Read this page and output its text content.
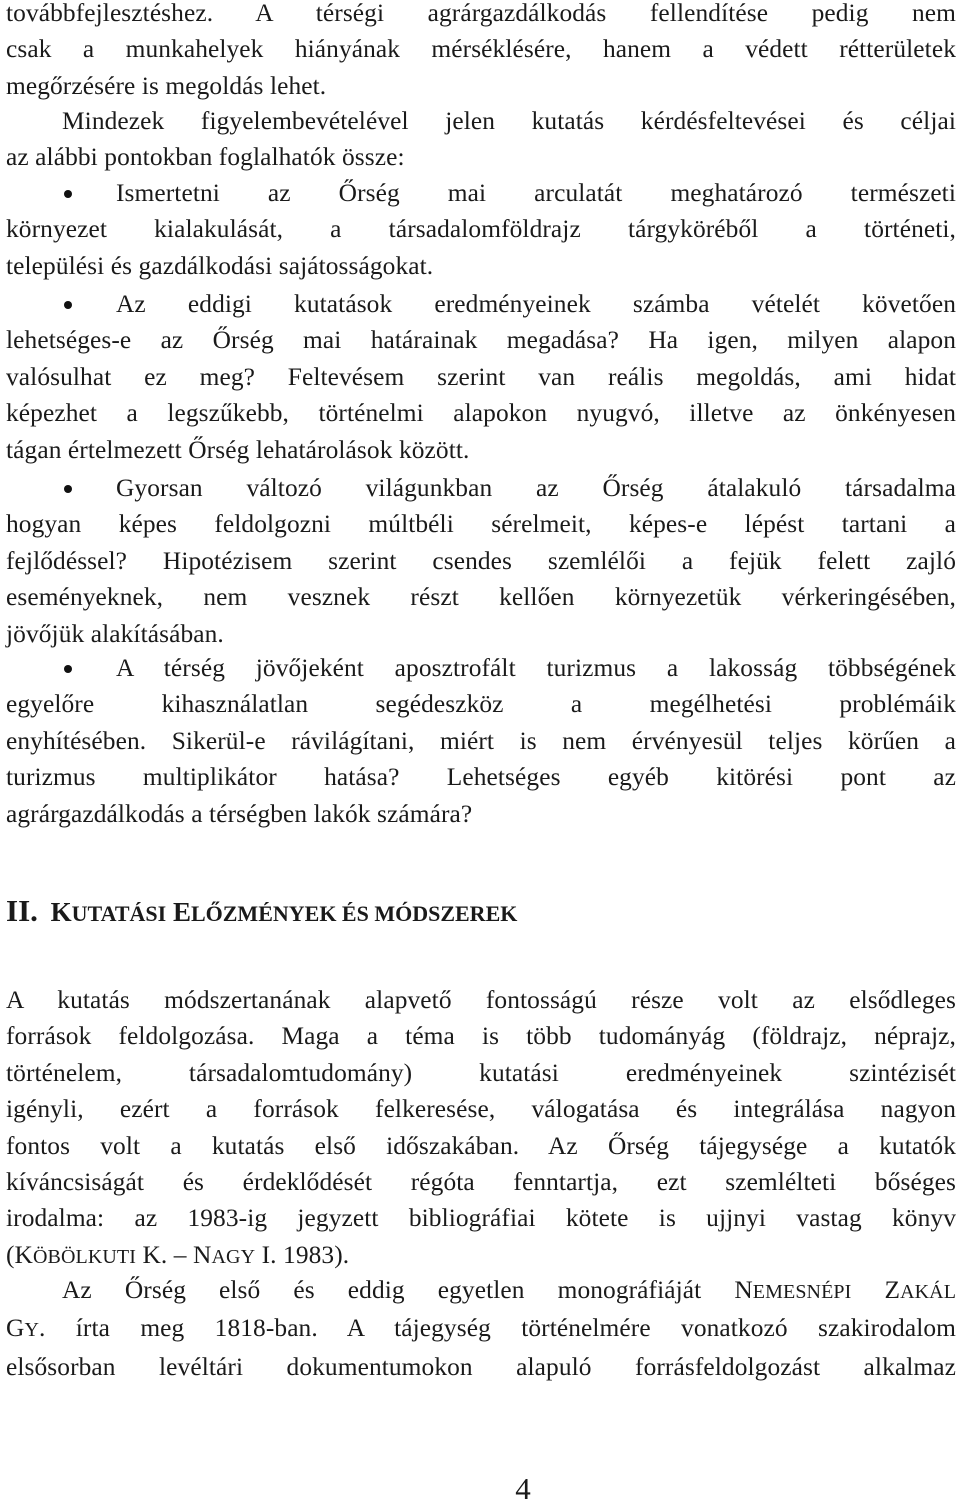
továbbfejlesztéshez. A térségi agrárgazdálkodás fellendítése pedig nem

csak a munkahelyek hiányának mérséklésére, hanem a védett rétterületek

megőrzésére is megoldás lehet.

Mindezek figyelembevételével jelen kutatás kérdésfeltevései és céljai

az alábbi pontokban foglalhatók össze:

Ismertetni az Őrség mai arculatát meghatározó természeti

környezet kialakulását, a társadalomföldrajz tárgyköréből a történeti,

települési és gazdálkodási sajátosságokat.

Az eddigi kutatások eredményeinek számba vételét követően

lehetséges-e az Őrség mai határainak megadása? Ha igen, milyen alapon

valósulhat ez meg? Feltevésem szerint van reális megoldás, ami hidat

képezhet a legszűkebb, történelmi alapokon nyugvó, illetve az önkényesen

tágan értelmezett Őrség lehatárolások között.

Gyorsan változó világunkban az Őrség átalakuló társadalma

hogyan képes feldolgozni múltbéli sérelmeit, képes-e lépést tartani a

fejlődéssel? Hipotézisem szerint csendes szemlélői a fejük felett zajló

eseményeknek, nem vesznek részt kellően környezetük vérkeringésében,

jövőjük alakításában.

A térség jövőjeként aposztrofált turizmus a lakosság többségének

egyelőre kihasználatlan segédeszköz a megélhetési problémáik

enyhítésében. Sikerül-e rávilágítani, miért is nem érvényesül teljes körűen a

turizmus multiplikátor hatása? Lehetséges egyéb kitörési pont az

agrárgazdálkodás a térségben lakók számára?

II. KUTATÁSI ELŐZMÉNYEK ÉS MÓDSZEREK

A kutatás módszertanának alapvető fontosságú része volt az elsődleges

források feldolgozása. Maga a téma is több tudományág (földrajz, néprajz,

történelem, társadalomtudomány) kutatási eredményeinek szintézisét

igényli, ezért a források felkeresése, válogatása és integrálása nagyon

fontos volt a kutatás első időszakában. Az Őrség tájegysége a kutatók

kíváncsiságát és érdeklődését régóta fenntartja, ezt szemlélteti bőséges

irodalma: az 1983-ig jegyzett bibliográfiai kötete is ujjnyi vastag könyv

(KÖBÖLKUTI K. – NAGY I. 1983).

Az Őrség első és eddig egyetlen monográfiáját NEMESNÉPI ZAKÁL

GY. írta meg 1818-ban. A tájegység történelmére vonatkozó szakirodalom

elsősorban levéltári dokumentumokon alapuló forrásfeldolgozást alkalmaz

4
